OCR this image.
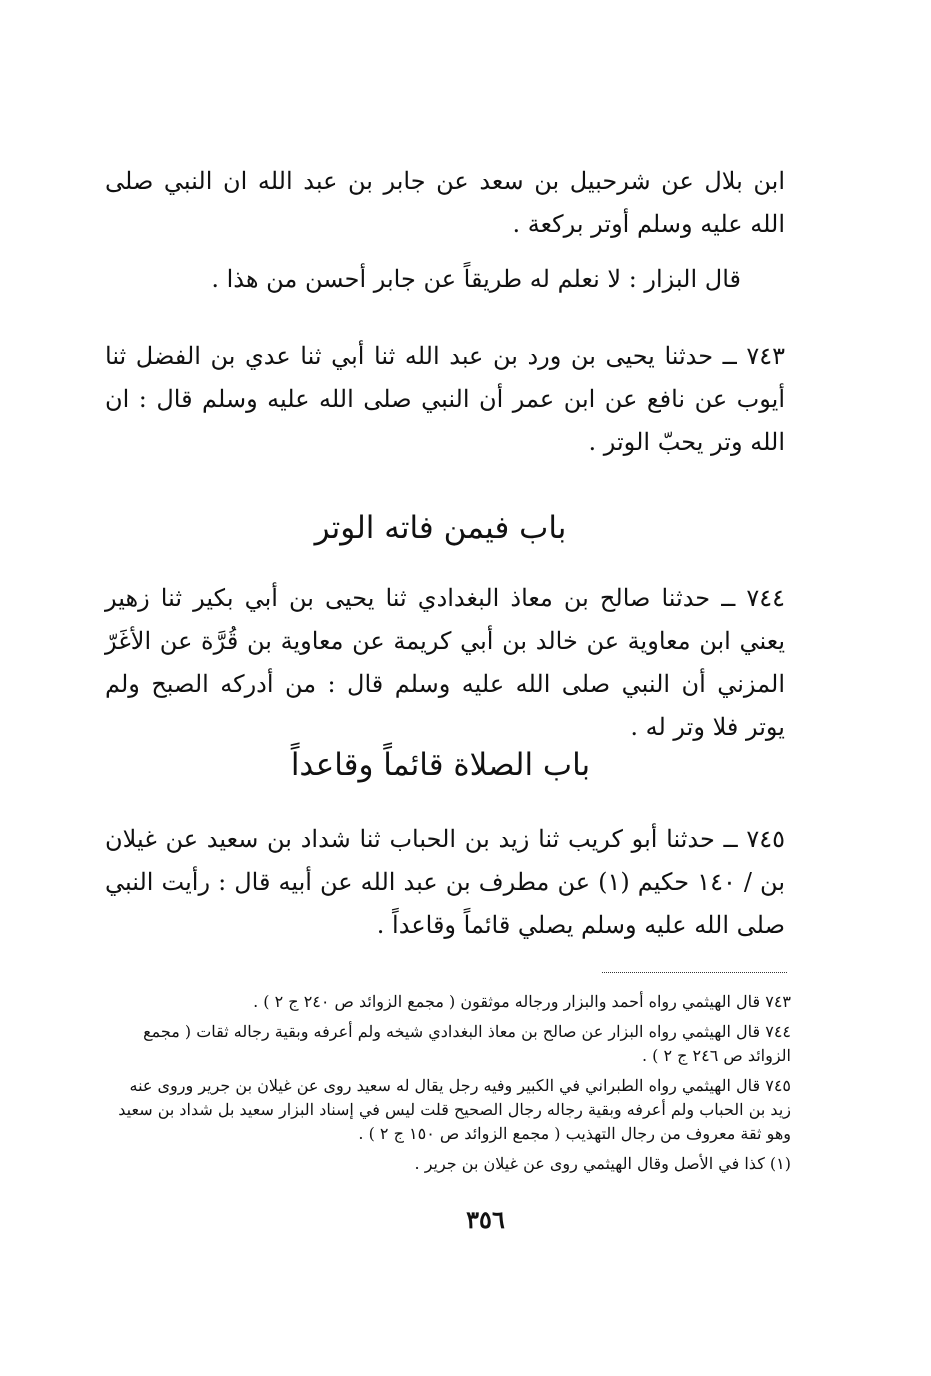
ابن بلال عن شرحبيل بن سعد عن جابر بن عبد الله ان النبي صلى الله عليه وسلم أوتر بركعة .
قال البزار : لا نعلم له طريقاً عن جابر أحسن من هذا .
٧٤٣ ــ حدثنا يحيى بن ورد بن عبد الله ثنا أبي ثنا عدي بن الفضل ثنا أيوب عن نافع عن ابن عمر أن النبي صلى الله عليه وسلم قال : ان الله وتر يحبّ الوتر .
باب فيمن فاته الوتر
٧٤٤ ــ حدثنا صالح بن معاذ البغدادي ثنا يحيى بن أبي بكير ثنا زهير يعني ابن معاوية عن خالد بن أبي كريمة عن معاوية بن قُرَّة عن الأغَرّ المزني أن النبي صلى الله عليه وسلم قال : من أدركه الصبح ولم يوتر فلا وتر له .
باب الصلاة قائماً وقاعداً
٧٤٥ ــ حدثنا أبو كريب ثنا زيد بن الحباب ثنا شداد بن سعيد عن غيلان بن / ١٤٠ حكيم (١) عن مطرف بن عبد الله عن أبيه قال : رأيت النبي صلى الله عليه وسلم يصلي قائماً وقاعداً .

٧٤٣ قال الهيثمي رواه أحمد والبزار ورجاله موثقون ( مجمع الزوائد ص ٢٤٠ ج ٢ ) .

٧٤٤ قال الهيثمي رواه البزار عن صالح بن معاذ البغدادي شيخه ولم أعرفه وبقية رجاله ثقات ( مجمع الزوائد ص ٢٤٦ ج ٢ ) .

٧٤٥ قال الهيثمي رواه الطبراني في الكبير وفيه رجل يقال له سعيد روى عن غيلان بن جرير وروى عنه زيد بن الحباب ولم أعرفه وبقية رجاله رجال الصحيح قلت ليس في إسناد البزار سعيد بل شداد بن سعيد وهو ثقة معروف من رجال التهذيب ( مجمع الزوائد ص ١٥٠ ج ٢ ) .

(١) كذا في الأصل وقال الهيثمي روى عن غيلان بن جرير .

٣٥٦
